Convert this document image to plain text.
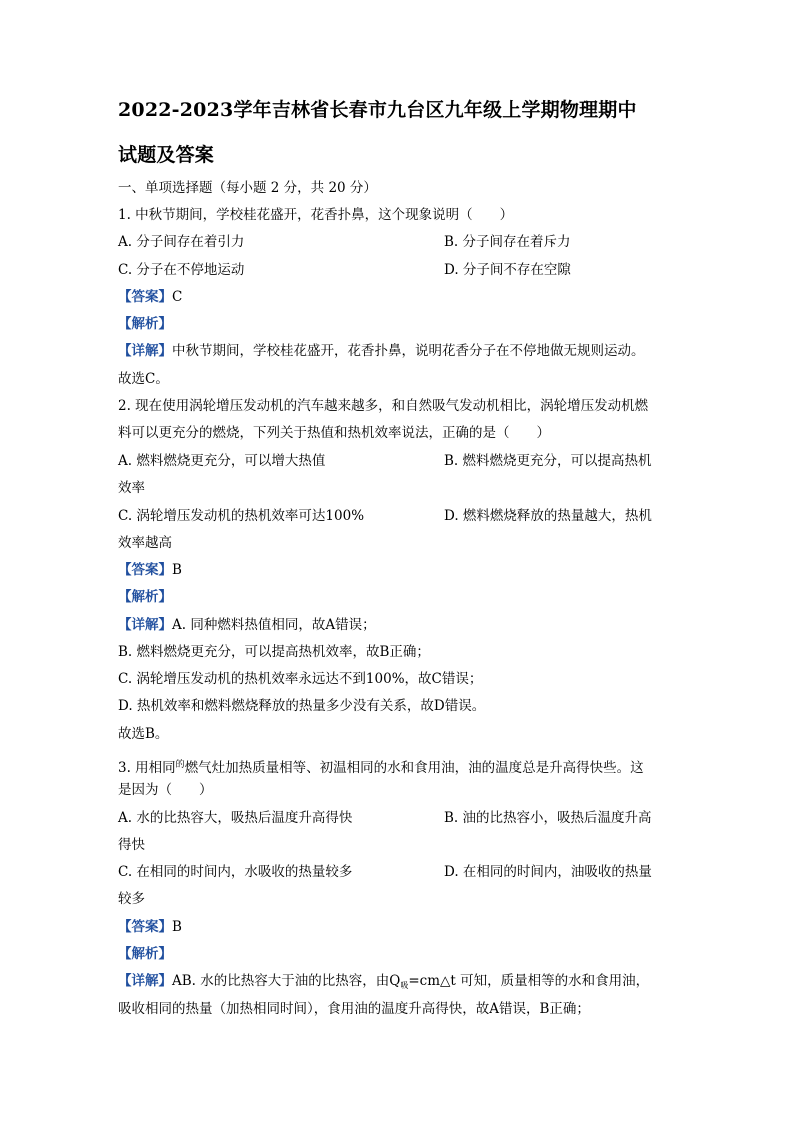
2022-2023学年吉林省长春市九台区九年级上学期物理期中
试题及答案
一、单项选择题（每小题 2 分，共 20 分）
1. 中秋节期间，学校桂花盛开，花香扑鼻，这个现象说明（　　）
A. 分子间存在着引力	B. 分子间存在着斥力
C. 分子在不停地运动	D. 分子间不存在空隙
【答案】C
【解析】
【详解】中秋节期间，学校桂花盛开，花香扑鼻，说明花香分子在不停地做无规则运动。
故选C。
2. 现在使用涡轮增压发动机的汽车越来越多，和自然吸气发动机相比，涡轮增压发动机燃
料可以更充分的燃烧，下列关于热值和热机效率说法，正确的是（　　）
A. 燃料燃烧更充分，可以增大热值	B. 燃料燃烧更充分，可以提高热机
效率
C. 涡轮增压发动机的热机效率可达100%	D. 燃料燃烧释放的热量越大，热机
效率越高
【答案】B
【解析】
【详解】A. 同种燃料热值相同，故A错误；
B. 燃料燃烧更充分，可以提高热机效率，故B正确；
C. 涡轮增压发动机的热机效率永远达不到100%，故C错误；
D. 热机效率和燃料燃烧释放的热量多少没有关系，故D错误。
故选B。
3. 用相同$^的$燃气灶加热质量相等、初温相同的水和食用油，油的温度总是升高得快些。这
是因为（　　）
A. 水的比热容大，吸热后温度升高得快	B. 油的比热容小，吸热后温度升高
得快
C. 在相同的时间内，水吸收的热量较多	D. 在相同的时间内，油吸收的热量
较多
【答案】B
【解析】
【详解】AB. 水的比热容大于油的比热容，由$Q_吸=cm\triangle t$ 可知，质量相等的水和食用油，
吸收相同的热量（加热相同时间），食用油的温度升高得快，故A错误，B正确；
